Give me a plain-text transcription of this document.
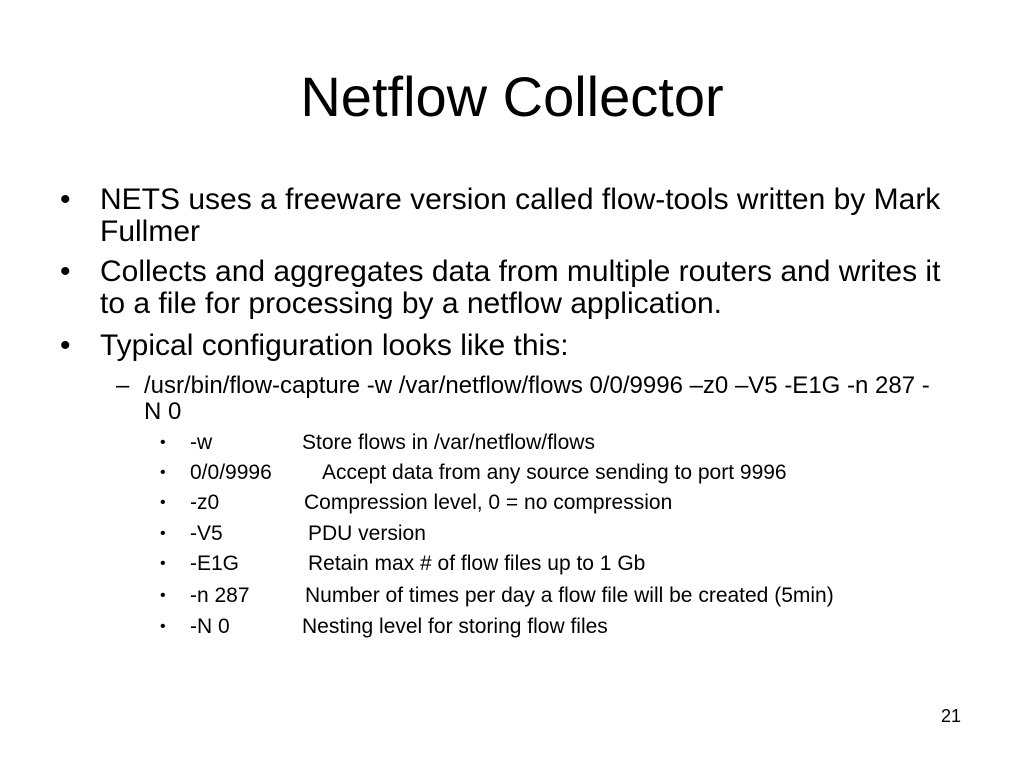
Netflow Collector
• NETS uses a freeware version called flow-tools written by Mark Fullmer
• Collects and aggregates data from multiple routers and writes it to a file for processing by a netflow application.
• Typical configuration looks like this:
– /usr/bin/flow-capture -w /var/netflow/flows 0/0/9996 –z0 –V5 -E1G -n 287 -N 0
• -w	Store flows in /var/netflow/flows
• 0/0/9996 Accept data from any source sending to port 9996
• -z0	Compression level, 0 = no compression
• -V5	PDU version
• -E1G	Retain max # of flow files up to 1 Gb
• -n 287	Number of times per day a flow file will be created (5min)
• -N 0	Nesting level for storing flow files
21
